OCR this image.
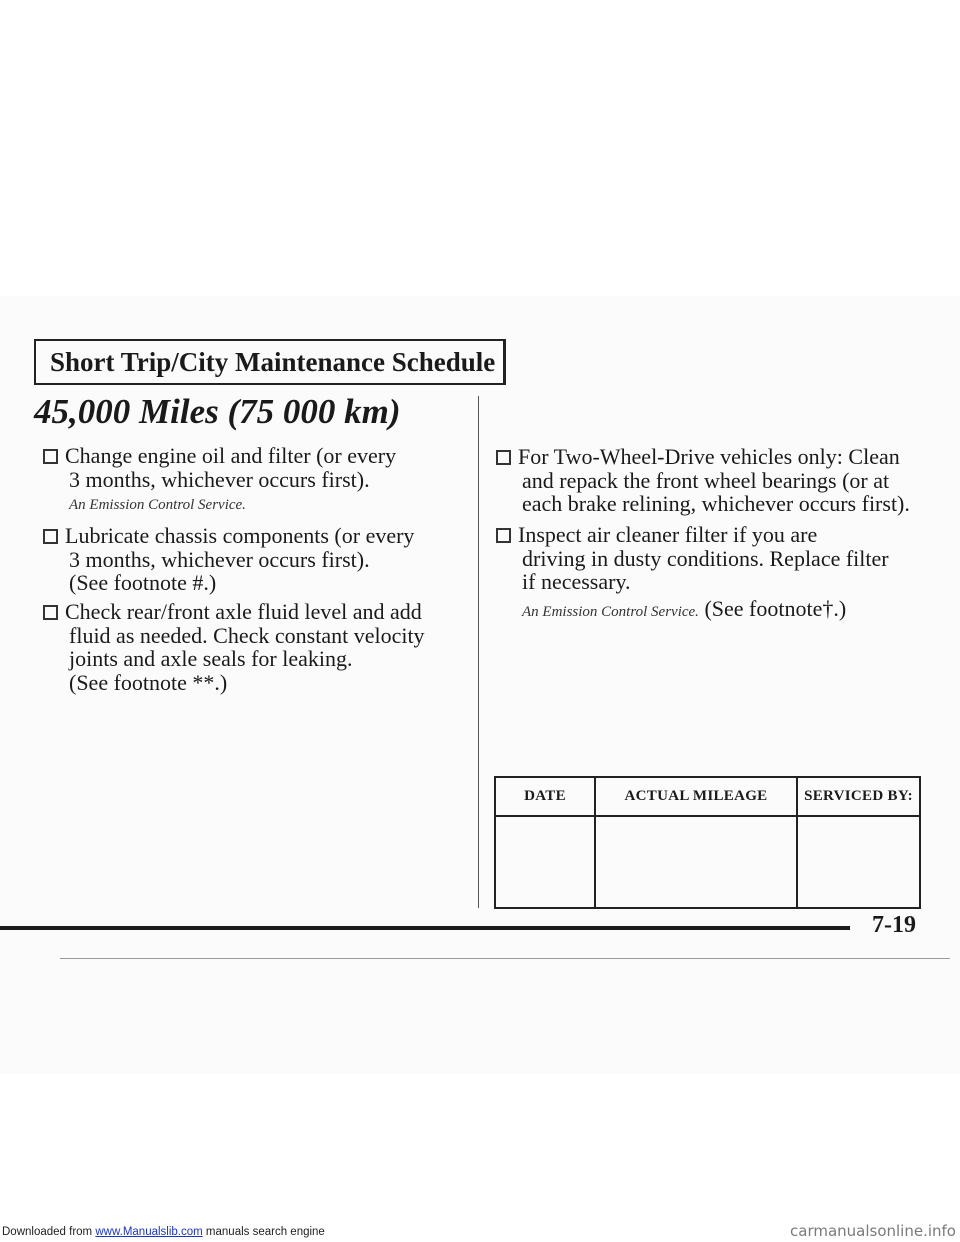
Short Trip/City Maintenance Schedule
45,000 Miles (75 000 km)
Change engine oil and filter (or every
3 months, whichever occurs first).
An Emission Control Service.
Lubricate chassis components (or every
3 months, whichever occurs first).
(See footnote #.)
Check rear/front axle fluid level and add
fluid as needed. Check constant velocity
joints and axle seals for leaking.
(See footnote **.)
For Two-Wheel-Drive vehicles only: Clean
and repack the front wheel bearings (or at
each brake relining, whichever occurs first).
Inspect air cleaner filter if you are
driving in dusty conditions. Replace filter
if necessary.
An Emission Control Service. (See footnote†.)
DATE	ACTUAL MILEAGE	SERVICED BY:

7-19
Downloaded from www.Manualslib.com manuals search engine	carmanualsonline.info
